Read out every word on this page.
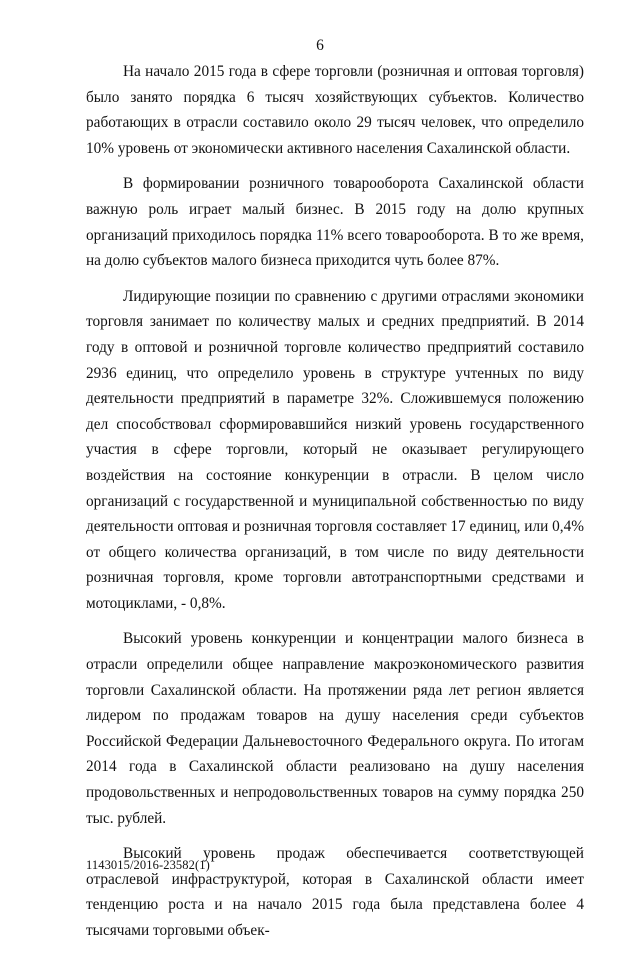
6

На начало 2015 года в сфере торговли (розничная и оптовая торговля) было занято порядка 6 тысяч хозяйствующих субъектов. Количество работающих в отрасли составило около 29 тысяч человек, что определило 10% уровень от экономически активного населения Сахалинской области.

В формировании розничного товарооборота Сахалинской области важную роль играет малый бизнес. В 2015 году на долю крупных организаций приходилось порядка 11% всего товарооборота. В то же время, на долю субъектов малого бизнеса приходится чуть более 87%.

Лидирующие позиции по сравнению с другими отраслями экономики торговля занимает по количеству малых и средних предприятий. В 2014 году в оптовой и розничной торговле количество предприятий составило 2936 единиц, что определило уровень в структуре учтенных по виду деятельности предприятий в параметре 32%. Сложившемуся положению дел способствовал сформировавшийся низкий уровень государственного участия в сфере торговли, который не оказывает регулирующего воздействия на состояние конкуренции в отрасли. В целом число организаций с государственной и муниципальной собственностью по виду деятельности оптовая и розничная торговля составляет 17 единиц, или 0,4% от общего количества организаций, в том числе по виду деятельности розничная торговля, кроме торговли автотранспортными средствами и мотоциклами, - 0,8%.

Высокий уровень конкуренции и концентрации малого бизнеса в отрасли определили общее направление макроэкономического развития торговли Сахалинской области. На протяжении ряда лет регион является лидером по продажам товаров на душу населения среди субъектов Российской Федерации Дальневосточного Федерального округа. По итогам 2014 года в Сахалинской области реализовано на душу населения продовольственных и непродовольственных товаров на сумму порядка 250 тыс. рублей.

Высокий уровень продаж обеспечивается соответствующей отраслевой инфраструктурой, которая в Сахалинской области имеет тенденцию роста и на начало 2015 года была представлена более 4 тысячами торговыми объек-

1143015/2016-23582(1)
